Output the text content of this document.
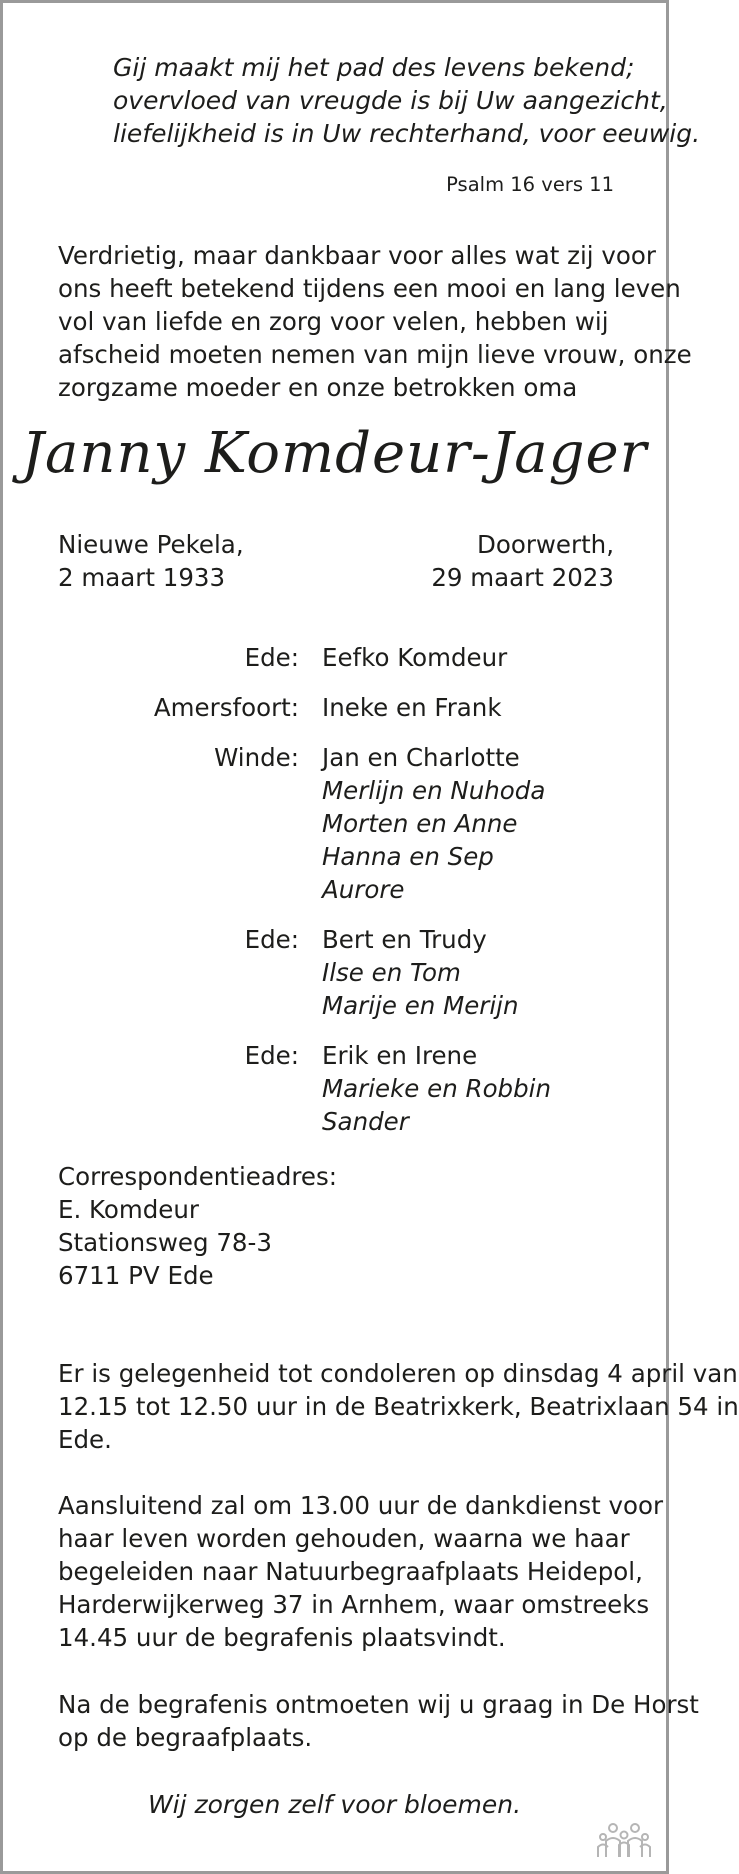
Gij maakt mij het pad des levens bekend;
overvloed van vreugde is bij Uw aangezicht,
liefelijkheid is in Uw rechterhand, voor eeuwig.
Psalm 16 vers 11
Verdrietig, maar dankbaar voor alles wat zij voor
ons heeft betekend tijdens een mooi en lang leven
vol van liefde en zorg voor velen, hebben wij
afscheid moeten nemen van mijn lieve vrouw, onze
zorgzame moeder en onze betrokken oma
Janny Komdeur-Jager
Nieuwe Pekela,
2 maart 1933
Doorwerth,
29 maart 2023
Ede: Eefko Komdeur
Amersfoort: Ineke en Frank
Winde: Jan en Charlotte
Merlijn en Nuhoda
Morten en Anne
Hanna en Sep
Aurore
Ede: Bert en Trudy
Ilse en Tom
Marije en Merijn
Ede: Erik en Irene
Marieke en Robbin
Sander
Correspondentieadres:
E. Komdeur
Stationsweg 78-3
6711 PV Ede
Er is gelegenheid tot condoleren op dinsdag 4 april van
12.15 tot 12.50 uur in de Beatrixkerk, Beatrixlaan 54 in
Ede.
Aansluitend zal om 13.00 uur de dankdienst voor
haar leven worden gehouden, waarna we haar
begeleiden naar Natuurbegraafplaats Heidepol,
Harderwijkerweg 37 in Arnhem, waar omstreeks
14.45 uur de begrafenis plaatsvindt.
Na de begrafenis ontmoeten wij u graag in De Horst
op de begraafplaats.
Wij zorgen zelf voor bloemen.
